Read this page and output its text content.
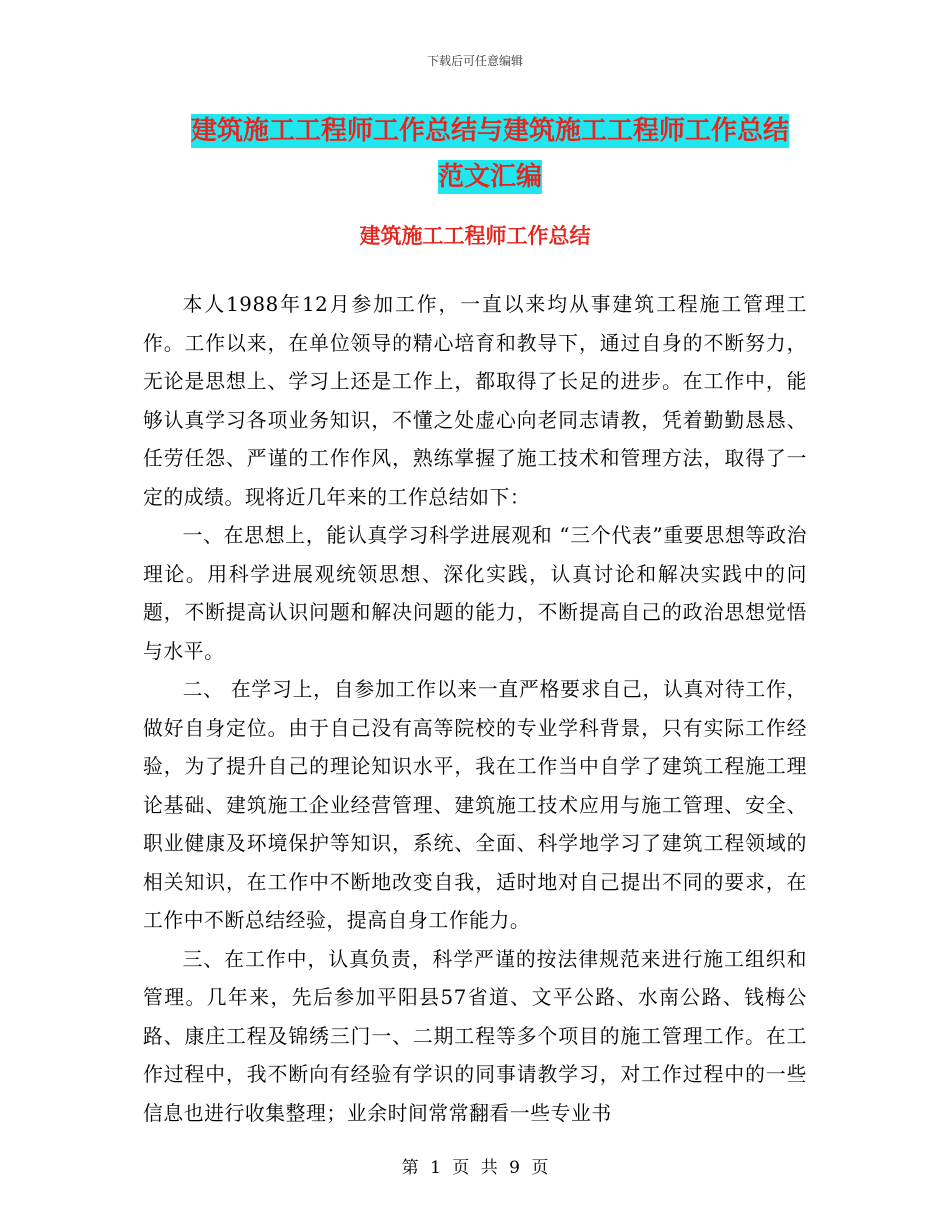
下载后可任意编辑
建筑施工工程师工作总结与建筑施工工程师工作总结
范文汇编
建筑施工工程师工作总结

本人1988年12月参加工作，一直以来均从事建筑工程施工管理工作。工作以来，在单位领导的精心培育和教导下，通过自身的不断努力，无论是思想上、学习上还是工作上，都取得了长足的进步。在工作中，能够认真学习各项业务知识，不懂之处虚心向老同志请教，凭着勤勤恳恳、任劳任怨、严谨的工作作风，熟练掌握了施工技术和管理方法，取得了一定的成绩。现将近几年来的工作总结如下：

一、在思想上，能认真学习科学进展观和 “三个代表”重要思想等政治理论。用科学进展观统领思想、深化实践，认真讨论和解决实践中的问题，不断提高认识问题和解决问题的能力，不断提高自己的政治思想觉悟与水平。

二、 在学习上，自参加工作以来一直严格要求自己，认真对待工作，做好自身定位。由于自己没有高等院校的专业学科背景，只有实际工作经验，为了提升自己的理论知识水平，我在工作当中自学了建筑工程施工理论基础、建筑施工企业经营管理、建筑施工技术应用与施工管理、安全、职业健康及环境保护等知识，系统、全面、科学地学习了建筑工程领域的相关知识，在工作中不断地改变自我，适时地对自己提出不同的要求，在工作中不断总结经验，提高自身工作能力。

三、在工作中，认真负责，科学严谨的按法律规范来进行施工组织和管理。几年来，先后参加平阳县57省道、文平公路、水南公路、钱梅公路、康庄工程及锦绣三门一、二期工程等多个项目的施工管理工作。在工作过程中，我不断向有经验有学识的同事请教学习，对工作过程中的一些信息也进行收集整理；业余时间常常翻看一些专业书

第 1 页 共 9 页
